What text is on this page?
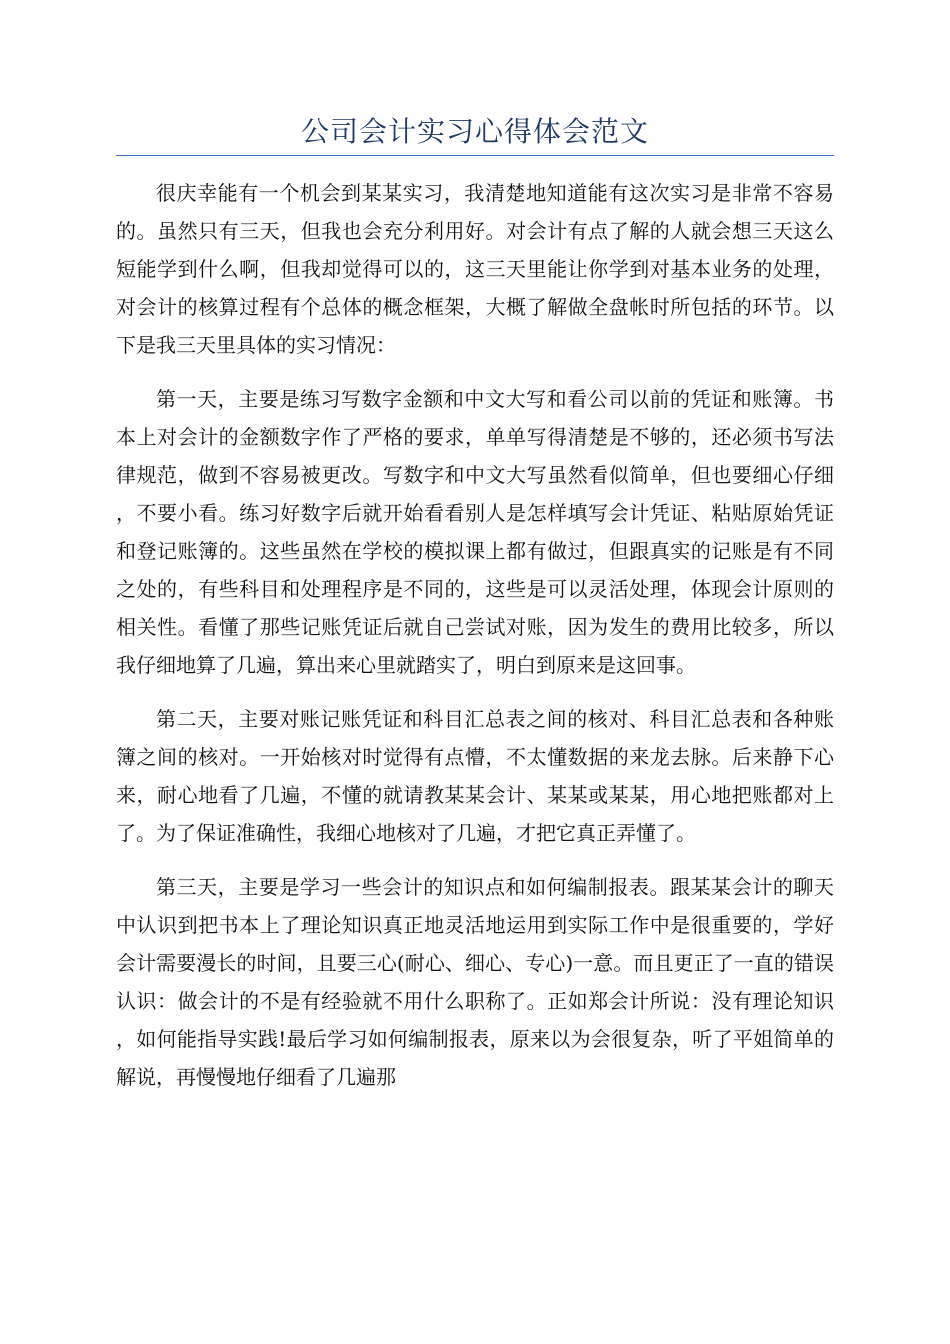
公司会计实习心得体会范文

很庆幸能有一个机会到某某实习，我清楚地知道能有这次实习是非常不容易的。虽然只有三天，但我也会充分利用好。对会计有点了解的人就会想三天这么短能学到什么啊，但我却觉得可以的，这三天里能让你学到对基本业务的处理，对会计的核算过程有个总体的概念框架，大概了解做全盘帐时所包括的环节。以下是我三天里具体的实习情况：

第一天，主要是练习写数字金额和中文大写和看公司以前的凭证和账簿。书本上对会计的金额数字作了严格的要求，单单写得清楚是不够的，还必须书写法律规范，做到不容易被更改。写数字和中文大写虽然看似简单，但也要细心仔细，不要小看。练习好数字后就开始看看别人是怎样填写会计凭证、粘贴原始凭证和登记账簿的。这些虽然在学校的模拟课上都有做过，但跟真实的记账是有不同之处的，有些科目和处理程序是不同的，这些是可以灵活处理，体现会计原则的相关性。看懂了那些记账凭证后就自己尝试对账，因为发生的费用比较多，所以我仔细地算了几遍，算出来心里就踏实了，明白到原来是这回事。

第二天，主要对账记账凭证和科目汇总表之间的核对、科目汇总表和各种账簿之间的核对。一开始核对时觉得有点懵，不太懂数据的来龙去脉。后来静下心来，耐心地看了几遍，不懂的就请教某某会计、某某或某某，用心地把账都对上了。为了保证准确性，我细心地核对了几遍，才把它真正弄懂了。

第三天，主要是学习一些会计的知识点和如何编制报表。跟某某会计的聊天中认识到把书本上了理论知识真正地灵活地运用到实际工作中是很重要的，学好会计需要漫长的时间，且要三心(耐心、细心、专心)一意。而且更正了一直的错误认识：做会计的不是有经验就不用什么职称了。正如郑会计所说：没有理论知识，如何能指导实践!最后学习如何编制报表，原来以为会很复杂，听了平姐简单的解说，再慢慢地仔细看了几遍那
